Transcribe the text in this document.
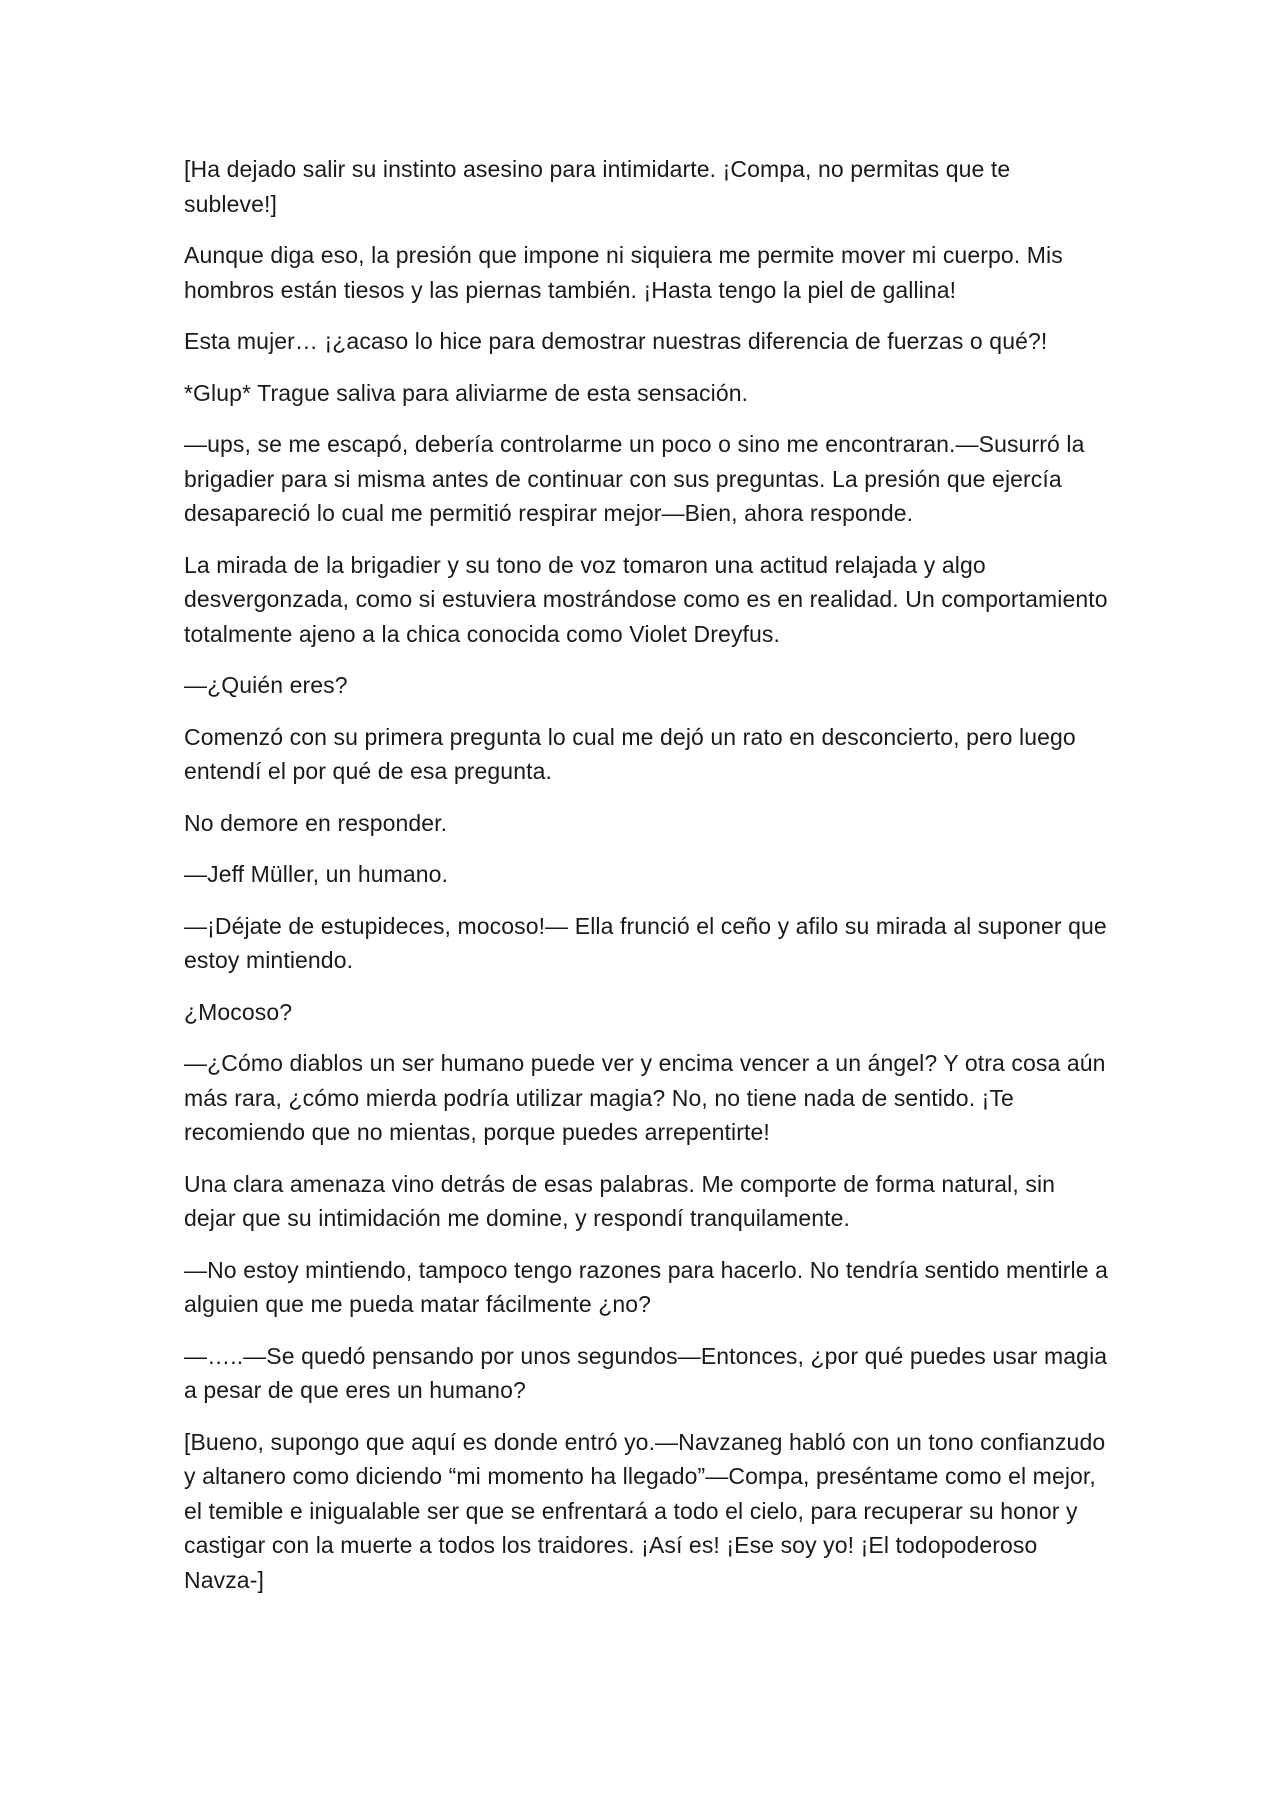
[Ha dejado salir su instinto asesino para intimidarte. ¡Compa, no permitas que te subleve!]

Aunque diga eso, la presión que impone ni siquiera me permite mover mi cuerpo. Mis hombros están tiesos y las piernas también. ¡Hasta tengo la piel de gallina!

Esta mujer… ¡¿acaso lo hice para demostrar nuestras diferencia de fuerzas o qué?!

*Glup* Trague saliva para aliviarme de esta sensación.

—ups, se me escapó, debería controlarme un poco o sino me encontraran.—Susurró la brigadier para si misma antes de continuar con sus preguntas. La presión que ejercía desapareció lo cual me permitió respirar mejor—Bien, ahora responde.

La mirada de la brigadier y su tono de voz tomaron una actitud relajada y algo desvergonzada, como si estuviera mostrándose como es en realidad. Un comportamiento totalmente ajeno a la chica conocida como Violet Dreyfus.

—¿Quién eres?

Comenzó con su primera pregunta lo cual me dejó un rato en desconcierto, pero luego entendí el por qué de esa pregunta.

No demore en responder.

—Jeff Müller, un humano.

—¡Déjate de estupideces, mocoso!— Ella frunció el ceño y afilo su mirada al suponer que estoy mintiendo.

¿Mocoso?

—¿Cómo diablos un ser humano puede ver y encima vencer a un ángel? Y otra cosa aún más rara, ¿cómo mierda podría utilizar magia? No, no tiene nada de sentido. ¡Te recomiendo que no mientas, porque puedes arrepentirte!

Una clara amenaza vino detrás de esas palabras. Me comporte de forma natural, sin dejar que su intimidación me domine, y respondí tranquilamente.

—No estoy mintiendo, tampoco tengo razones para hacerlo. No tendría sentido mentirle a alguien que me pueda matar fácilmente ¿no?

—…..—Se quedó pensando por unos segundos—Entonces, ¿por qué puedes usar magia a pesar de que eres un humano?

[Bueno, supongo que aquí es donde entró yo.—Navzaneg habló con un tono confianzudo y altanero como diciendo “mi momento ha llegado”—Compa, preséntame como el mejor, el temible e inigualable ser que se enfrentará a todo el cielo, para recuperar su honor y castigar con la muerte a todos los traidores. ¡Así es! ¡Ese soy yo! ¡El todopoderoso Navza-]
